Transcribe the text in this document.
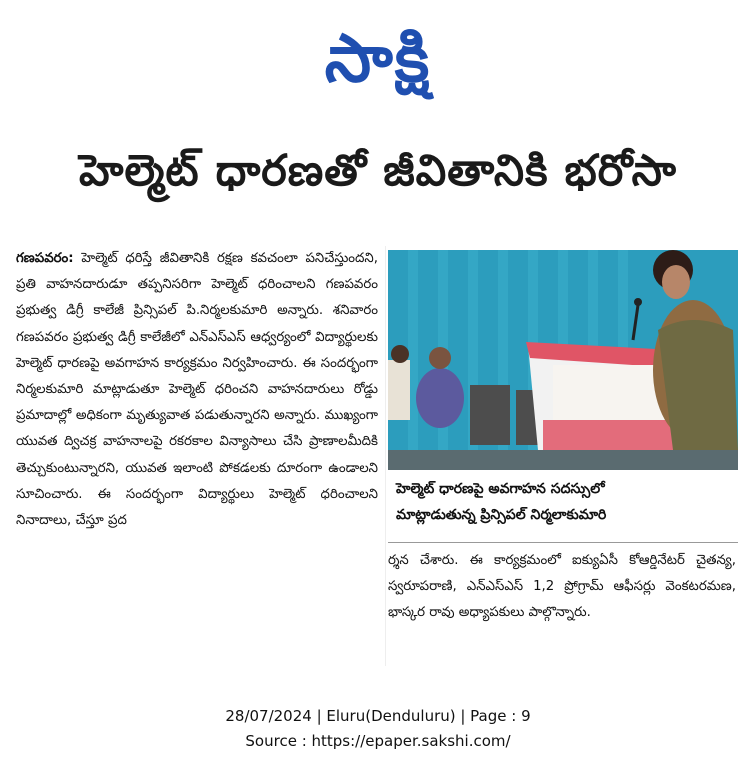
సాక్షి
హెల్మెట్ ధారణతో జీవితానికి భరోసా
గణపవరం: హెల్మెట్ ధరిస్తే జీవితానికి రక్షణ కవచంలా పనిచేస్తుందని, ప్రతి వాహనదారుడూ తప్పనిసరిగా హెల్మెట్ ధరించాలని గణపవరం ప్రభుత్వ డిగ్రీ కాలేజీ ప్రిన్సిపల్ పి.నిర్మలకుమారి అన్నారు. శనివారం గణపవరం ప్రభుత్వ డిగ్రీ కాలేజీలో ఎన్ఎస్ఎస్ ఆధ్వర్యంలో విద్యార్థులకు హెల్మెట్ ధారణపై అవగాహన కార్యక్రమం నిర్వహించారు. ఈ సందర్భంగా నిర్మలకుమారి మాట్లాడుతూ హెల్మెట్ ధరించని వాహనదారులు రోడ్డు ప్రమాదాల్లో అధికంగా మృత్యువాత పడుతున్నారని అన్నారు. ముఖ్యంగా యువత ద్విచక్ర వాహనాలపై రకరకాల విన్యాసాలు చేసి ప్రాణాలమీదికి తెచ్చుకుంటున్నారని, యువత ఇలాంటి పోకడలకు దూరంగా ఉండాలని సూచించారు. ఈ సందర్భంగా విద్యార్థులు హెల్మెట్ ధరించాలని నినాదాలు, చేస్తూ ప్రద
హెల్మెట్ ధారణపై అవగాహన సదస్సులో
మాట్లాడుతున్న ప్రిన్సిపల్ నిర్మలాకుమారి
ర్శన చేశారు. ఈ కార్యక్రమంలో ఐక్యుఏసీ కోఆర్డినేటర్ చైతన్య, స్వరూపరాణి, ఎన్ఎస్ఎస్ 1,2 ప్రోగ్రామ్ ఆఫీసర్లు వెంకటరమణ, భాస్కర రావు అధ్యాపకులు పాల్గొన్నారు.
28/07/2024 | Eluru(Denduluru) | Page : 9
Source : https://epaper.sakshi.com/
